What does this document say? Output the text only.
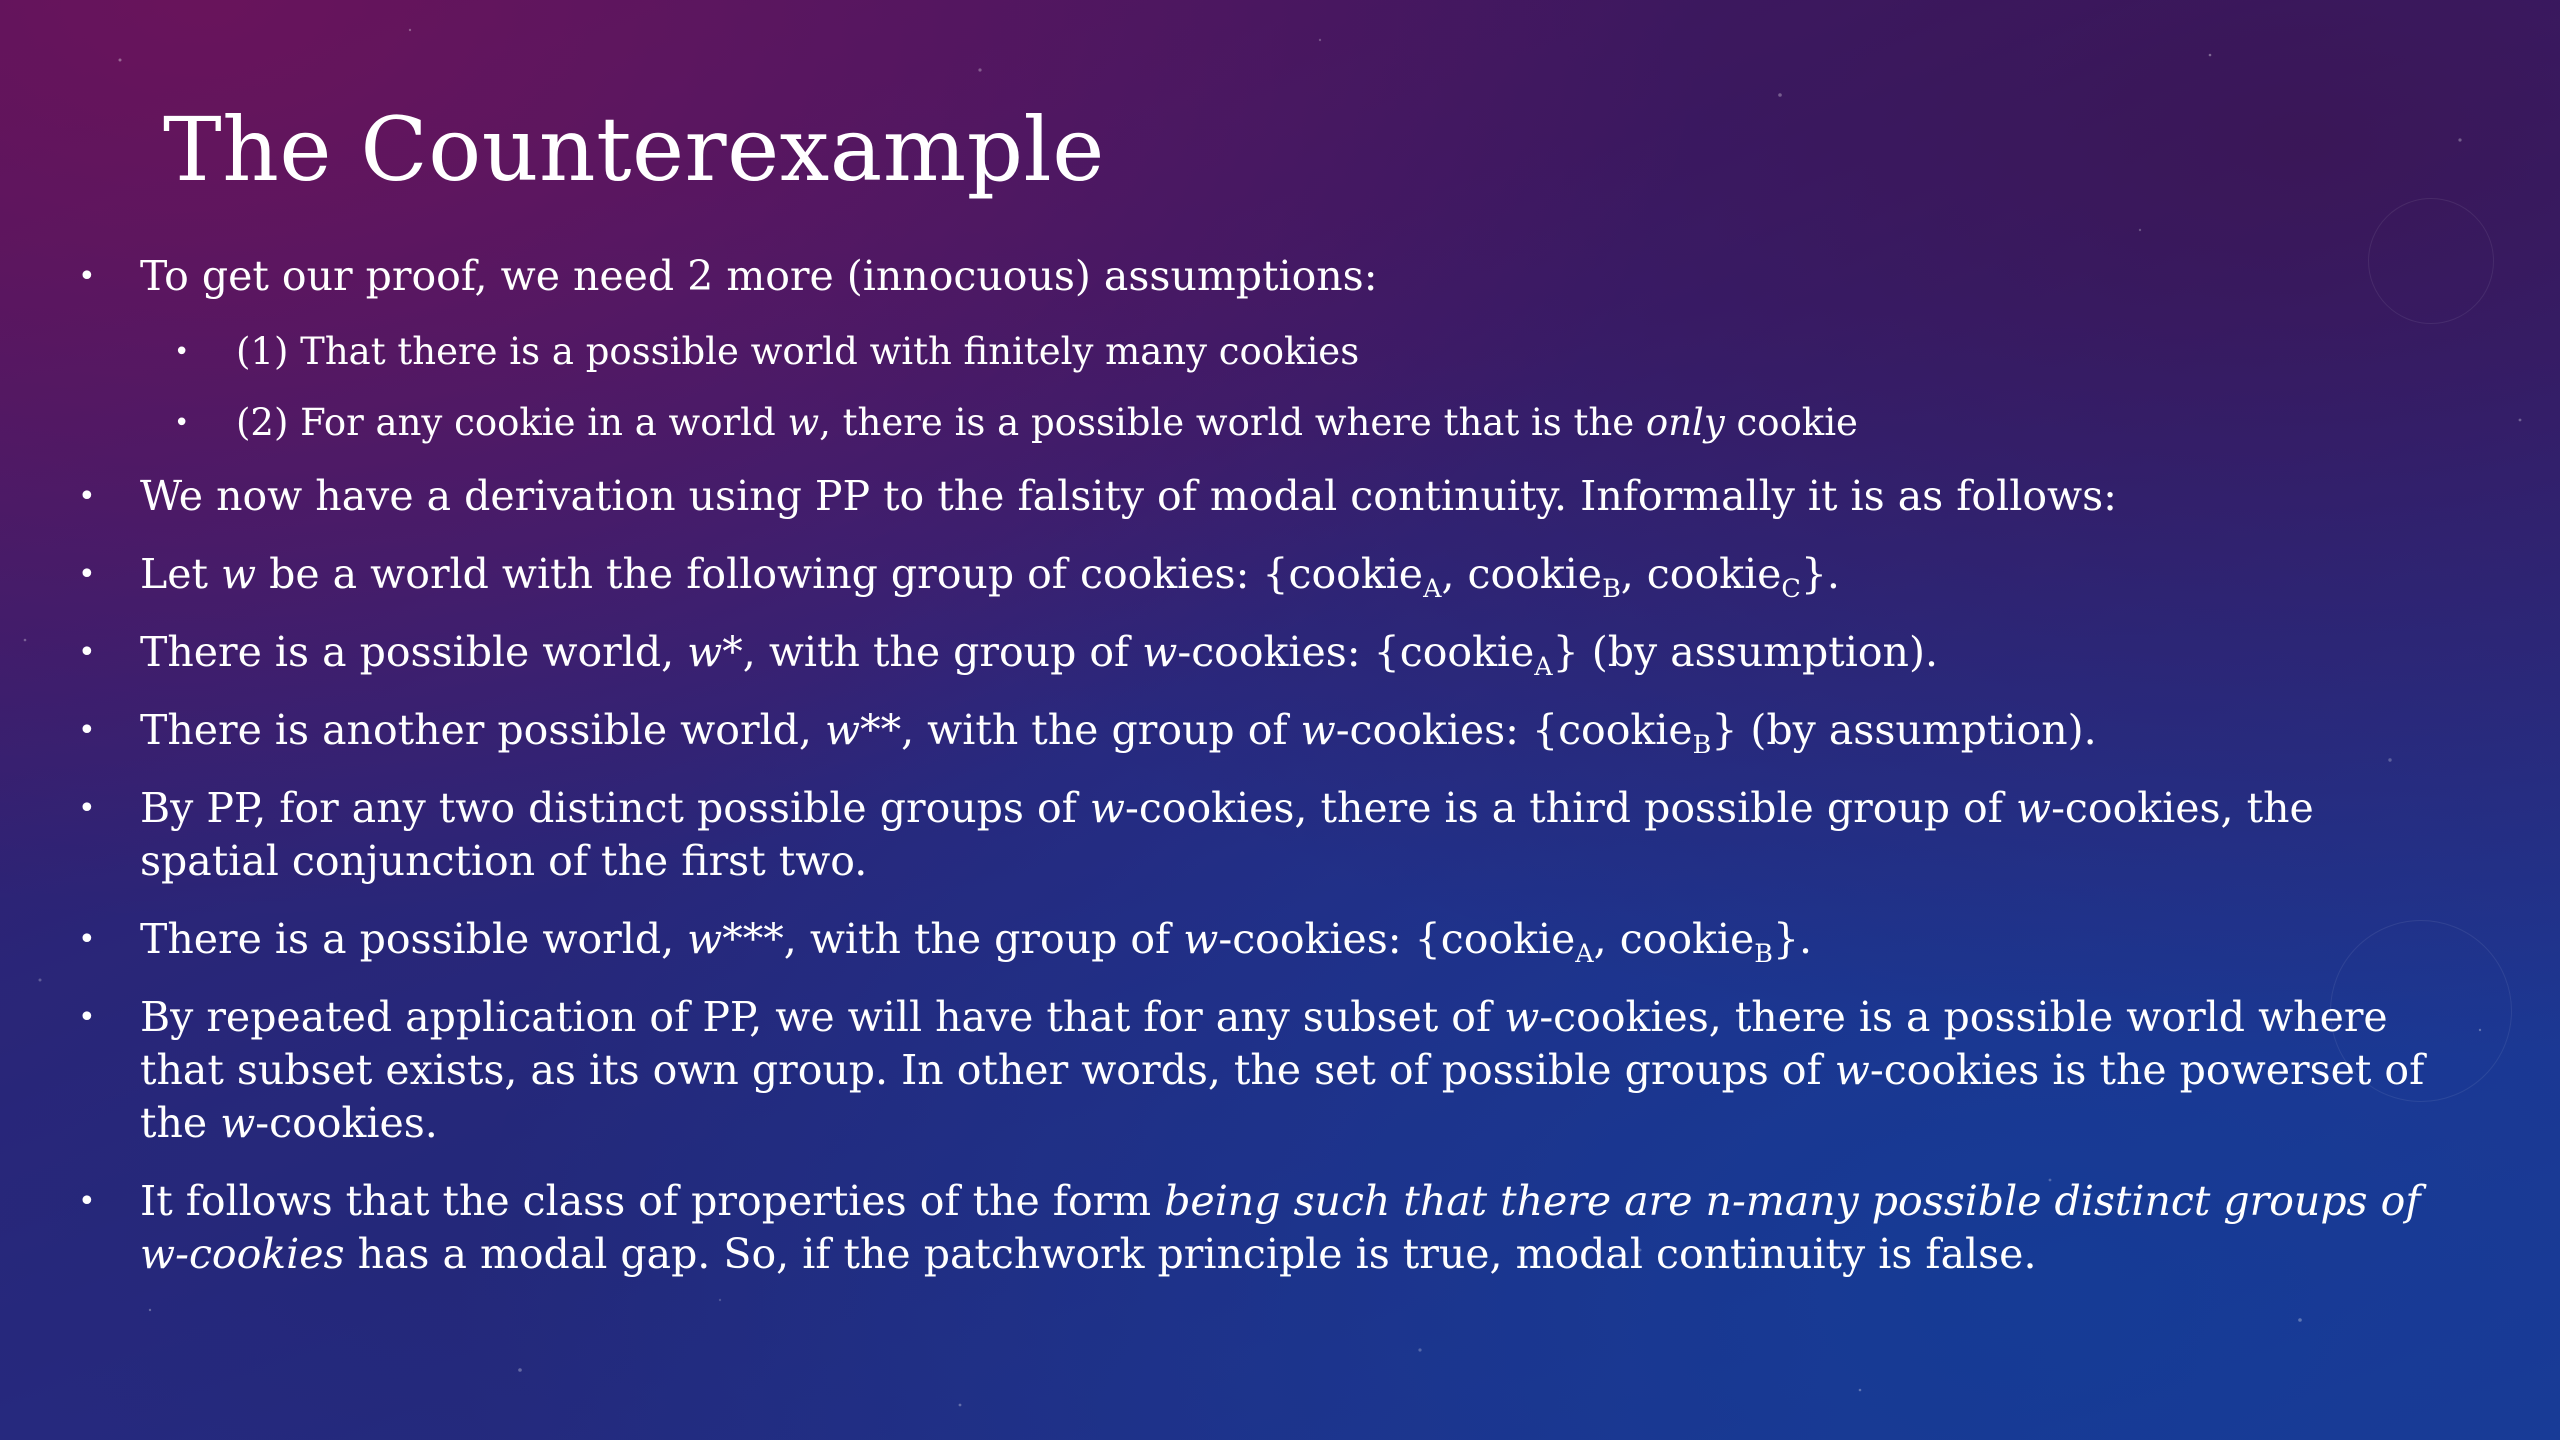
The Counterexample
• To get our proof, we need 2 more (innocuous) assumptions:
• (1) That there is a possible world with finitely many cookies
• (2) For any cookie in a world w, there is a possible world where that is the only cookie
• We now have a derivation using PP to the falsity of modal continuity. Informally it is as follows:
• Let w be a world with the following group of cookies: {cookie$_A$, cookie$_B$, cookie$_C$}.
• There is a possible world, w*, with the group of w-cookies: {cookie$_A$} (by assumption).
• There is another possible world, w**, with the group of w-cookies: {cookie$_B$} (by assumption).
• By PP, for any two distinct possible groups of w-cookies, there is a third possible group of w-cookies, the spatial conjunction of the first two.
• There is a possible world, w***, with the group of w-cookies: {cookie$_A$, cookie$_B$}.
• By repeated application of PP, we will have that for any subset of w-cookies, there is a possible world where that subset exists, as its own group. In other words, the set of possible groups of w-cookies is the powerset of the w-cookies.
• It follows that the class of properties of the form being such that there are n-many possible distinct groups of w-cookies has a modal gap. So, if the patchwork principle is true, modal continuity is false.
